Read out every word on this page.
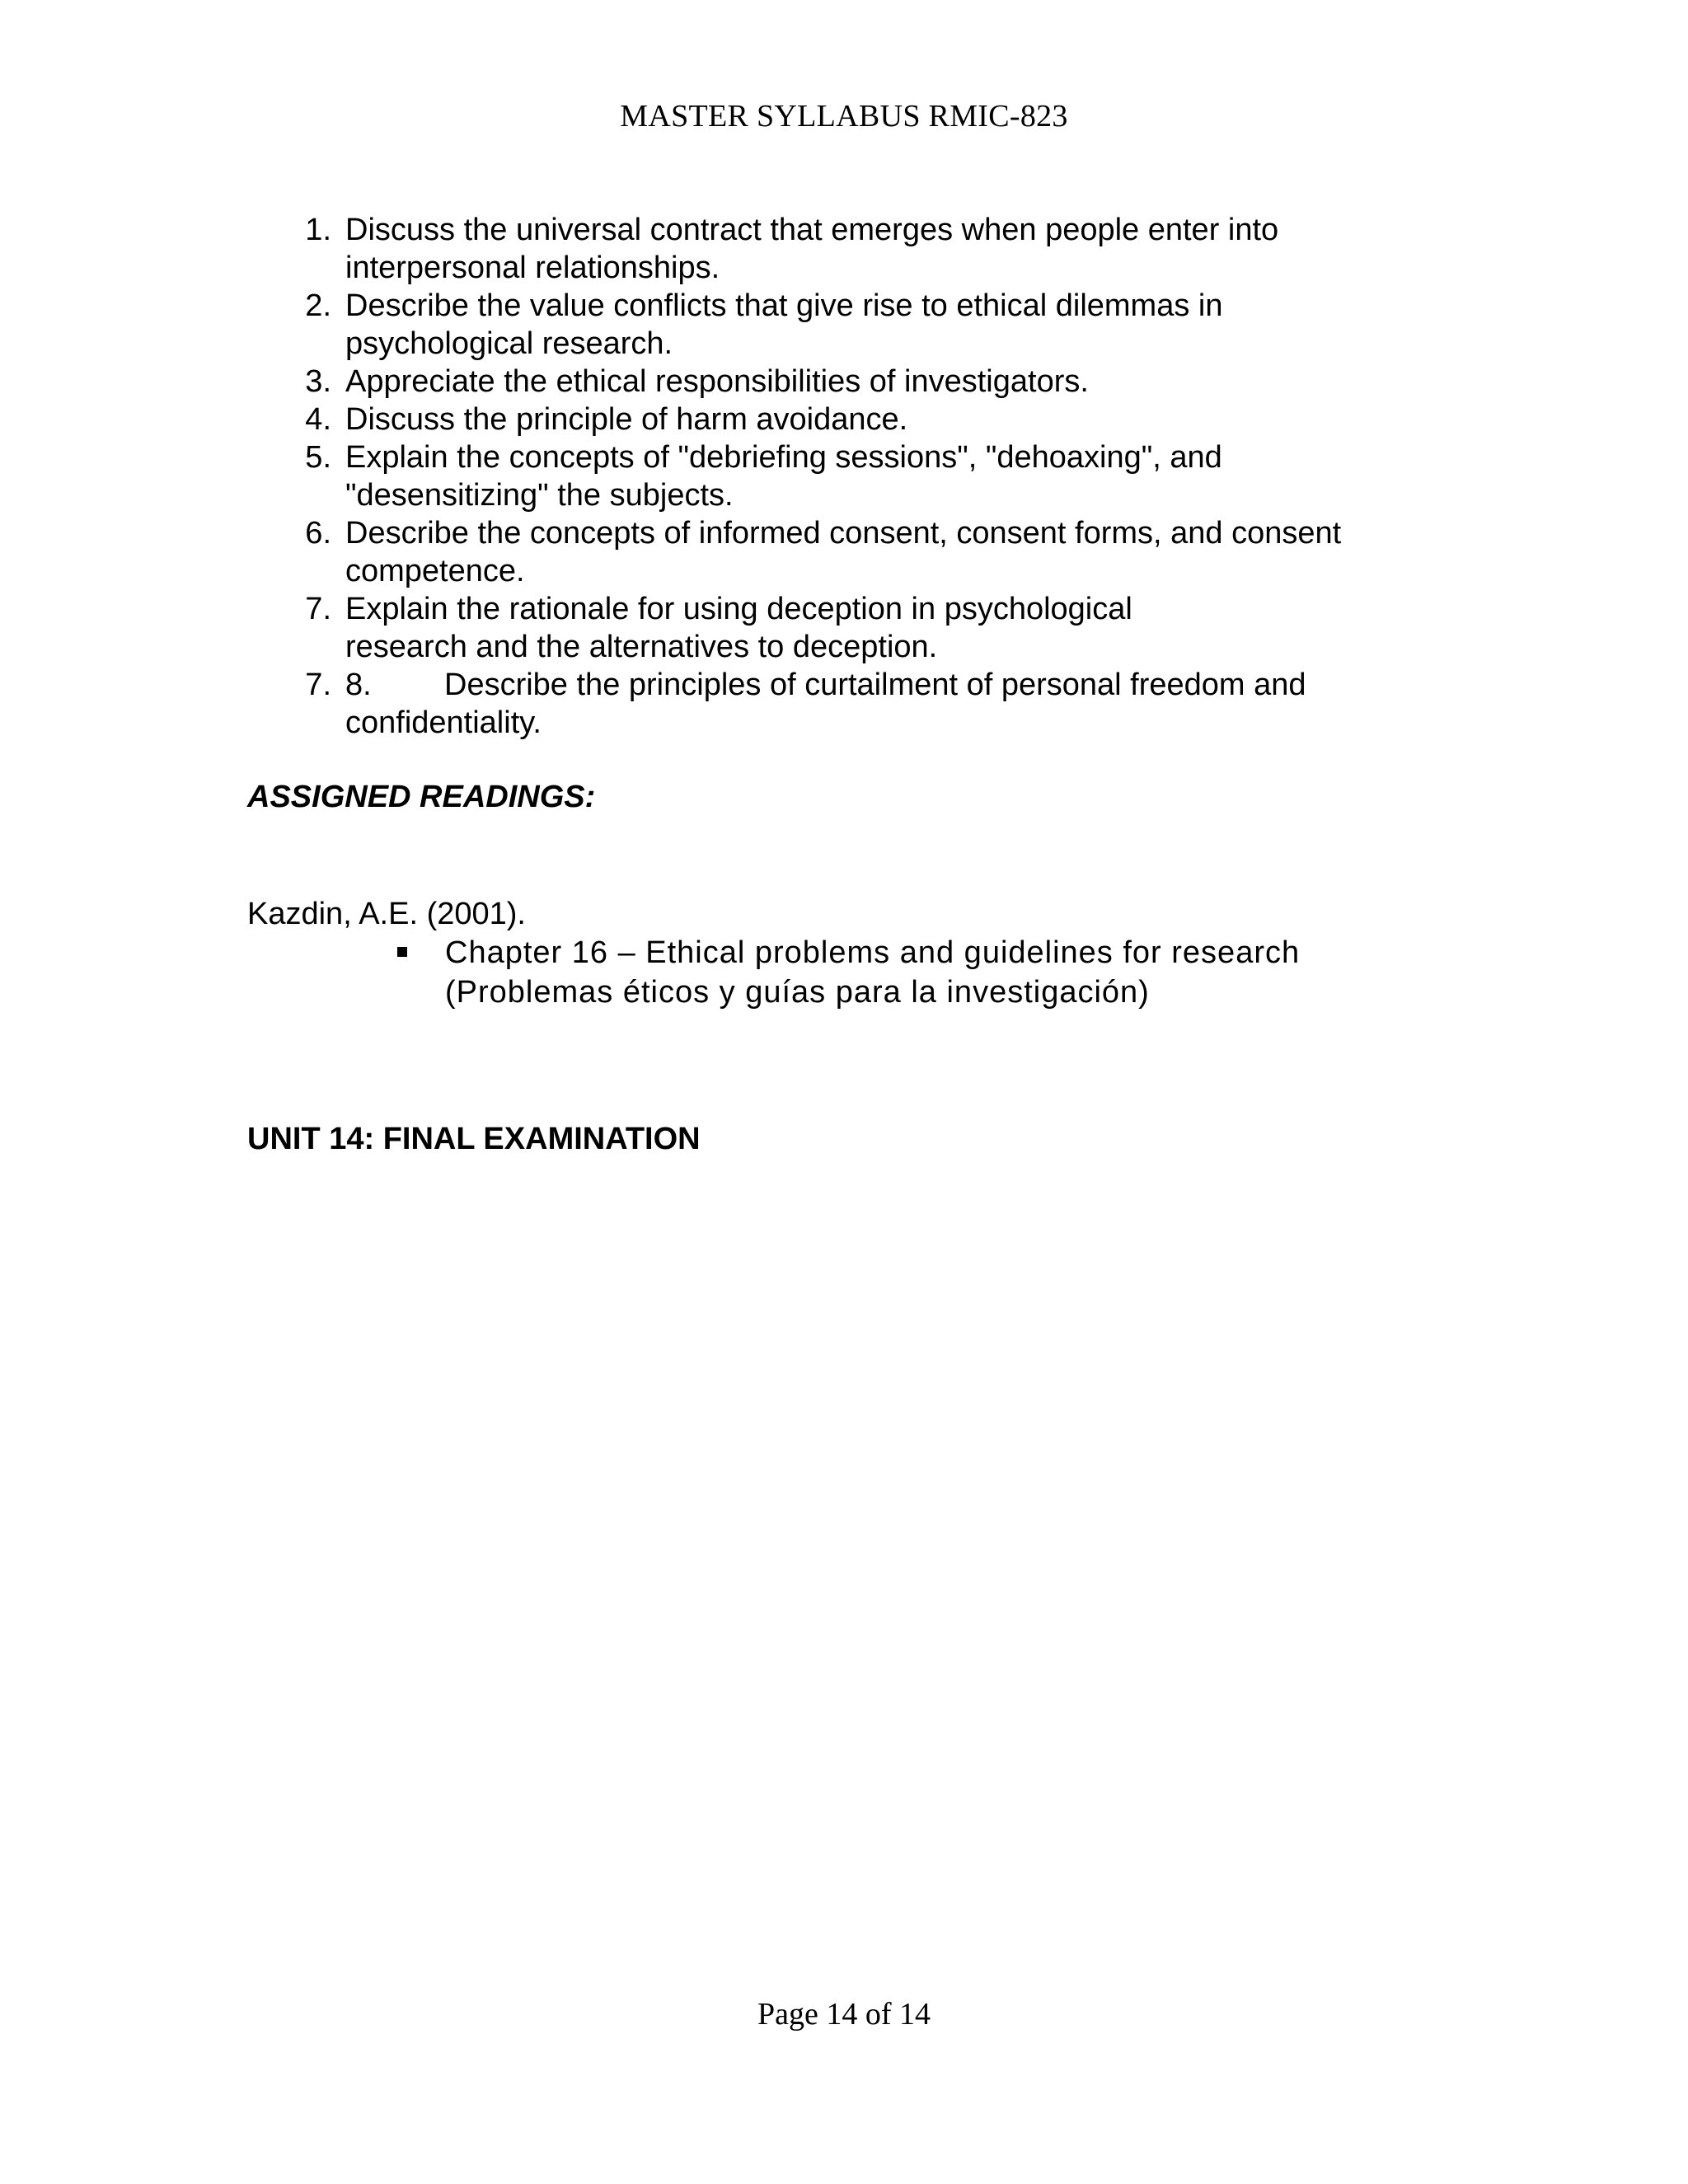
MASTER SYLLABUS RMIC-823
1 . Discuss the universal contract that emerges when people enter into
interpersonal relationships.
2 . Describe the value conflicts that give rise to ethical dilemmas in
psychological research.
3 . Appreciate the ethical responsibilities of investigators.
4 . Discuss the principle of harm avoidance.
5 . Explain the concepts of "debriefing sessions", "dehoaxing", and
"desensitizing" the subjects.
6 . Describe the concepts of informed consent, consent forms, and consent
competence.
7 . Explain the rationale for using deception in psychological
research and the alternatives to deception.
7 . 8. Describe the principles of curtailment of personal freedom and
confidentiality.
ASSIGNED READINGS:
Kazdin, A.E. (2001).
Chapter 16 – Ethical problems and guidelines for research
(Problemas éticos y guías para la investigación)
UNIT 14: FINAL EXAMINATION
Page 14 of 14
